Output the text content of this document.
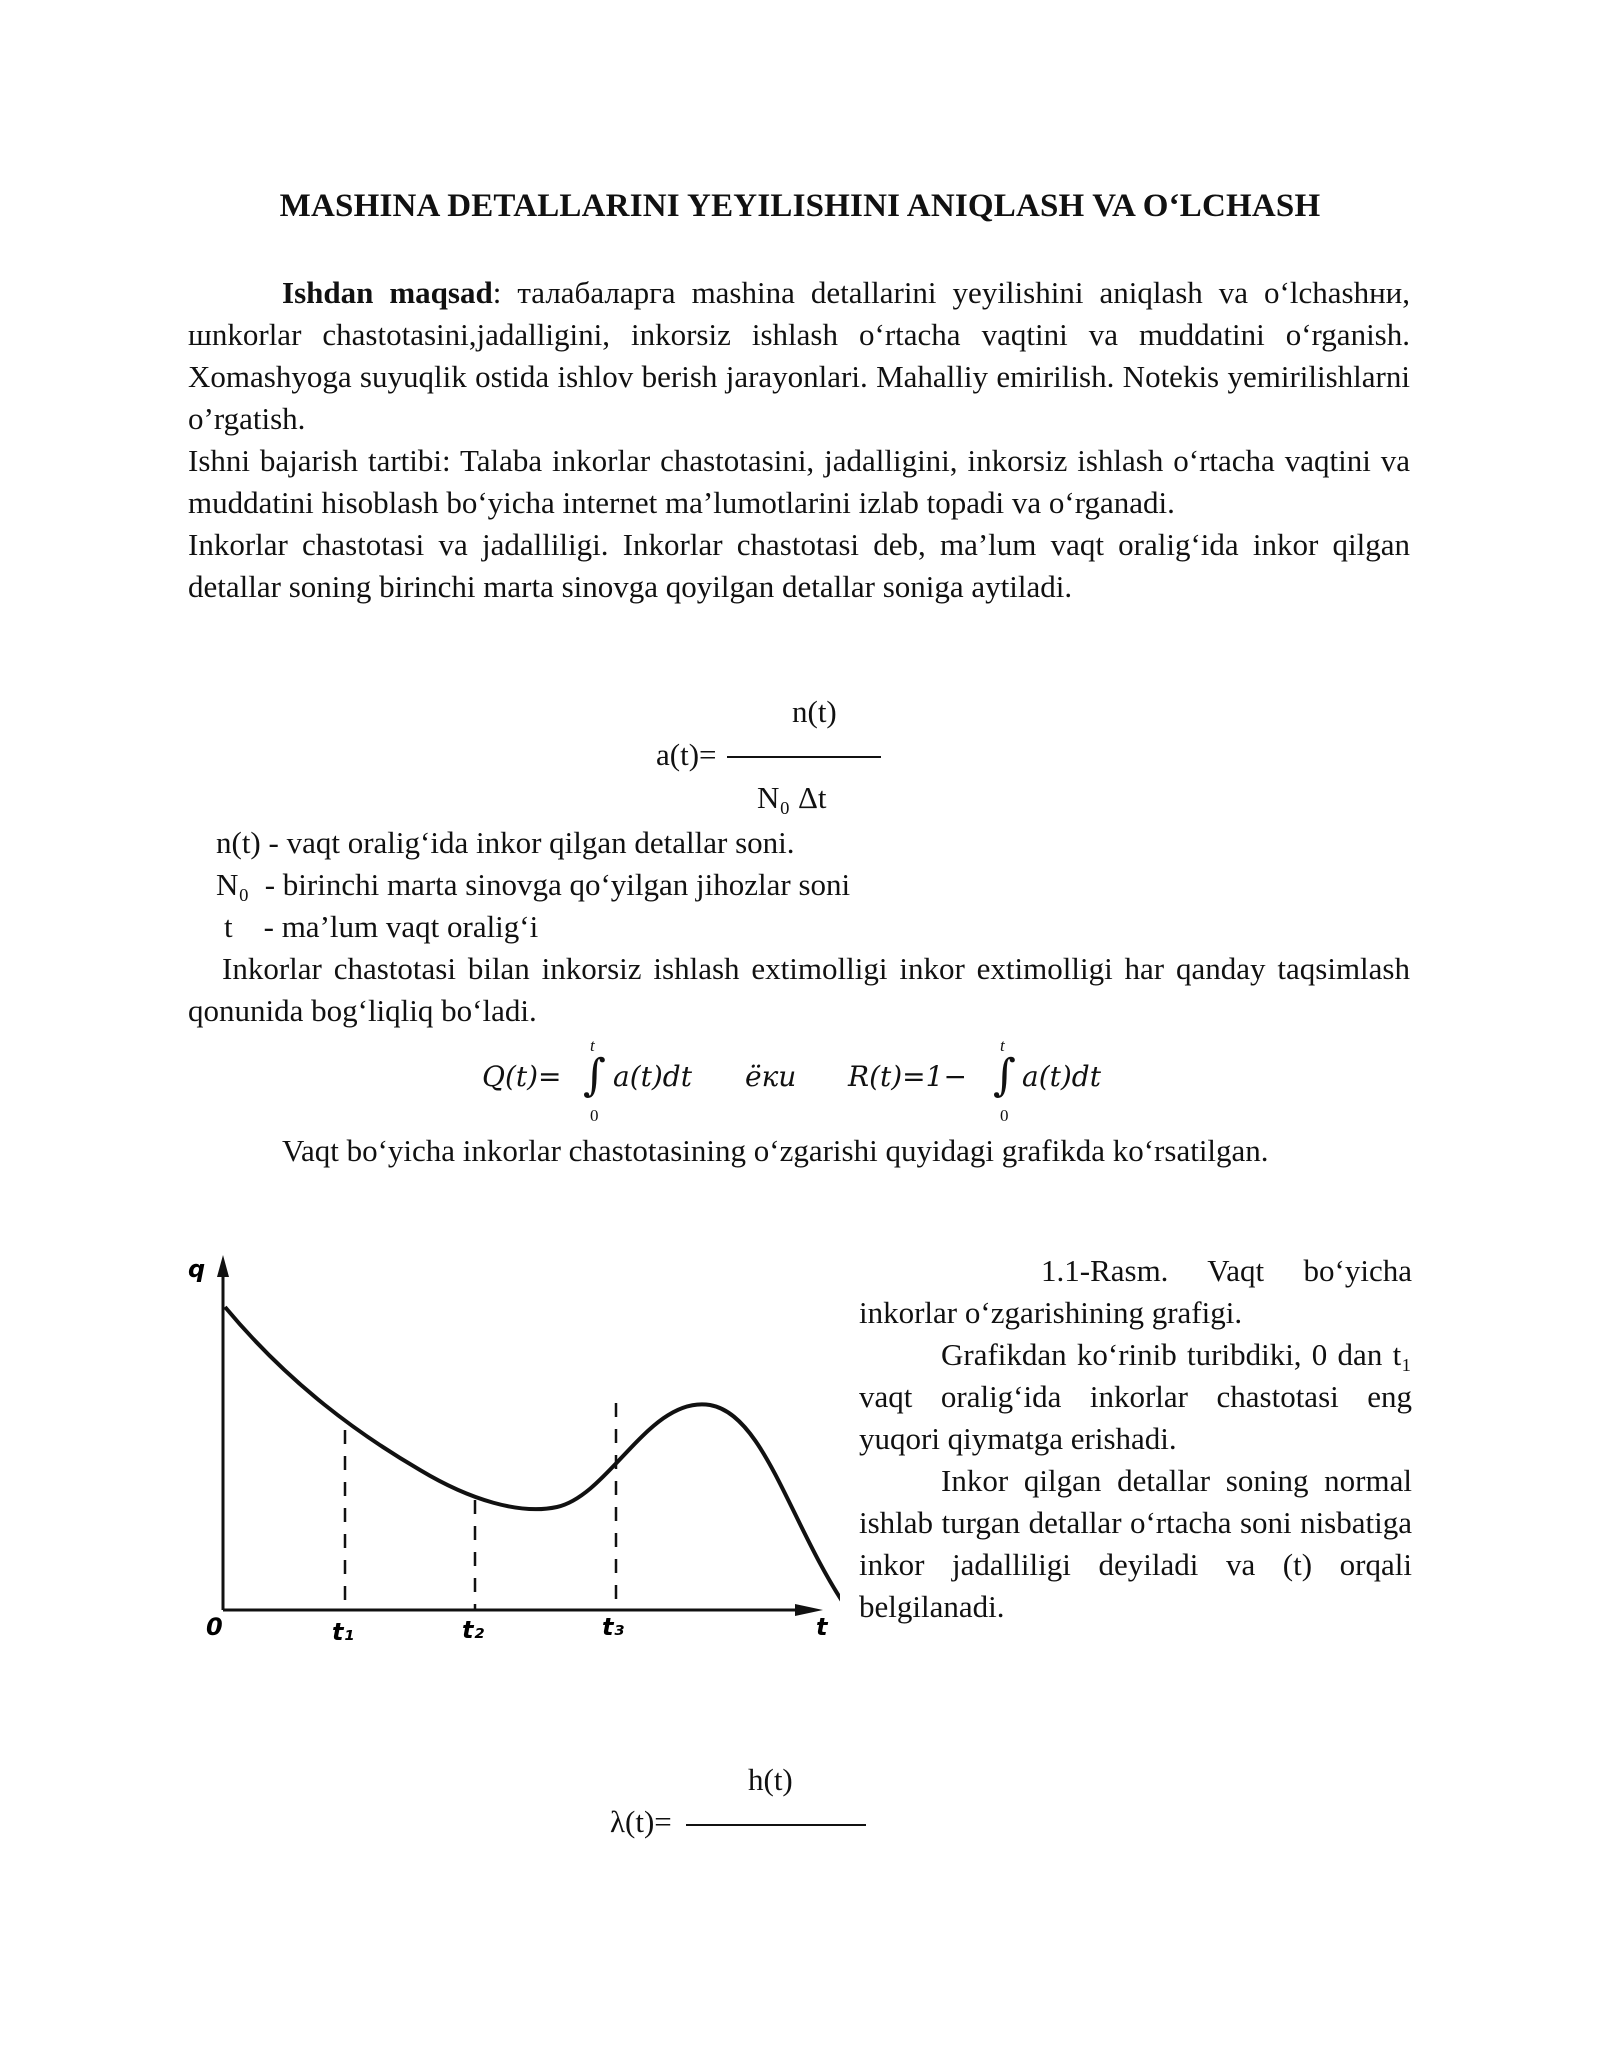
MASHINA DETALLARINI YEYILISHINI ANIQLASH VA O‘LCHASH

Ishdan maqsad: талабаларга mashina detallarini yeyilishini aniqlash va o‘lchashни, шnkorlar chastotasini,jadalligini, inkorsiz ishlash o‘rtacha vaqtini va muddatini o‘rganish. Xomashyoga suyuqlik ostida ishlov berish jarayonlari. Mahalliy emirilish. Notekis yemirilishlarni o’rgatish.

Ishni bajarish tartibi: Talaba inkorlar chastotasini, jadalligini, inkorsiz ishlash o‘rtacha vaqtini va muddatini hisoblash bo‘yicha internet ma’lumotlarini izlab topadi va o‘rganadi.

Inkorlar chastotasi va jadalliligi. Inkorlar chastotasi deb, ma’lum vaqt oralig‘ida inkor qilgan detallar soning birinchi marta sinovga qoyilgan detallar soniga aytiladi.

n(t)
a(t)=
N₀ Δt
n(t) - vaqt oralig‘ida inkor qilgan detallar soni.
N₀ - birinchi marta sinovga qo‘yilgan jihozlar soni
t - ma’lum vaqt oralig‘i
Inkorlar chastotasi bilan inkorsiz ishlash extimolligi inkor extimolligi har qanday taqsimlash qonunida bog‘liqliq bo‘ladi.
Q(t)= ∫
t
0
a(t)dt ёки R(t)=1− ∫
t
0
a(t)dt

Vaqt bo‘yicha inkorlar chastotasining o‘zgarishi quyidagi grafikda ko‘rsatilgan.

q
0	t₁	t₂	t₃	t

1.1-Rasm. Vaqt bo‘yicha inkorlar o‘zgarishining grafigi.

Grafikdan ko‘rinib turibdiki, 0 dan t₁ vaqt oralig‘ida inkorlar chastotasi eng yuqori qiymatga erishadi.

Inkor qilgan detallar soning normal ishlab turgan detallar o‘rtacha soni nisbatiga inkor jadalliligi deyiladi va (t) orqali belgilanadi.

h(t)
λ(t)=
